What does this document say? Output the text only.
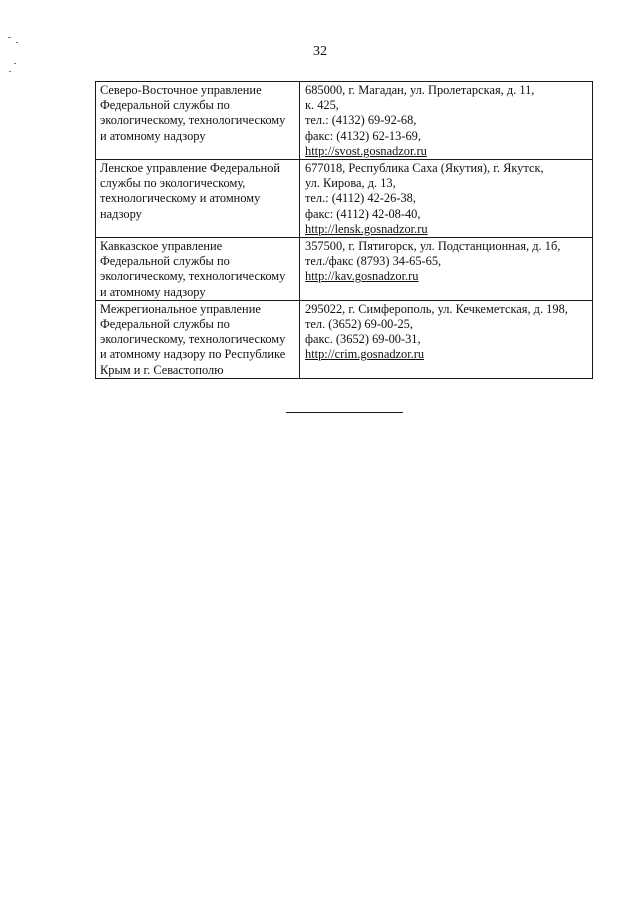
32
Северо-Восточное управление
Федеральной службы по
экологическому, технологическому
и атомному надзору	685000, г. Магадан, ул. Пролетарская, д. 11,
к. 425,
тел.: (4132) 69-92-68,
факс: (4132) 62-13-69,
http://svost.gosnadzor.ru

Ленское управление Федеральной
службы по экологическому,
технологическому и атомному
надзору	677018, Республика Саха (Якутия), г. Якутск,
ул. Кирова, д. 13,
тел.: (4112) 42-26-38,
факс: (4112) 42-08-40,
http://lensk.gosnadzor.ru

Кавказское управление
Федеральной службы по
экологическому, технологическому
и атомному надзору	357500, г. Пятигорск, ул. Подстанционная, д. 1б,
тел./факс (8793) 34-65-65,
http://kav.gosnadzor.ru

Межрегиональное управление
Федеральной службы по
экологическому, технологическому
и атомному надзору по Республике
Крым и г. Севастополю	295022, г. Симферополь, ул. Кечкеметская, д. 198,
тел. (3652) 69-00-25,
факс. (3652) 69-00-31,
http://crim.gosnadzor.ru
